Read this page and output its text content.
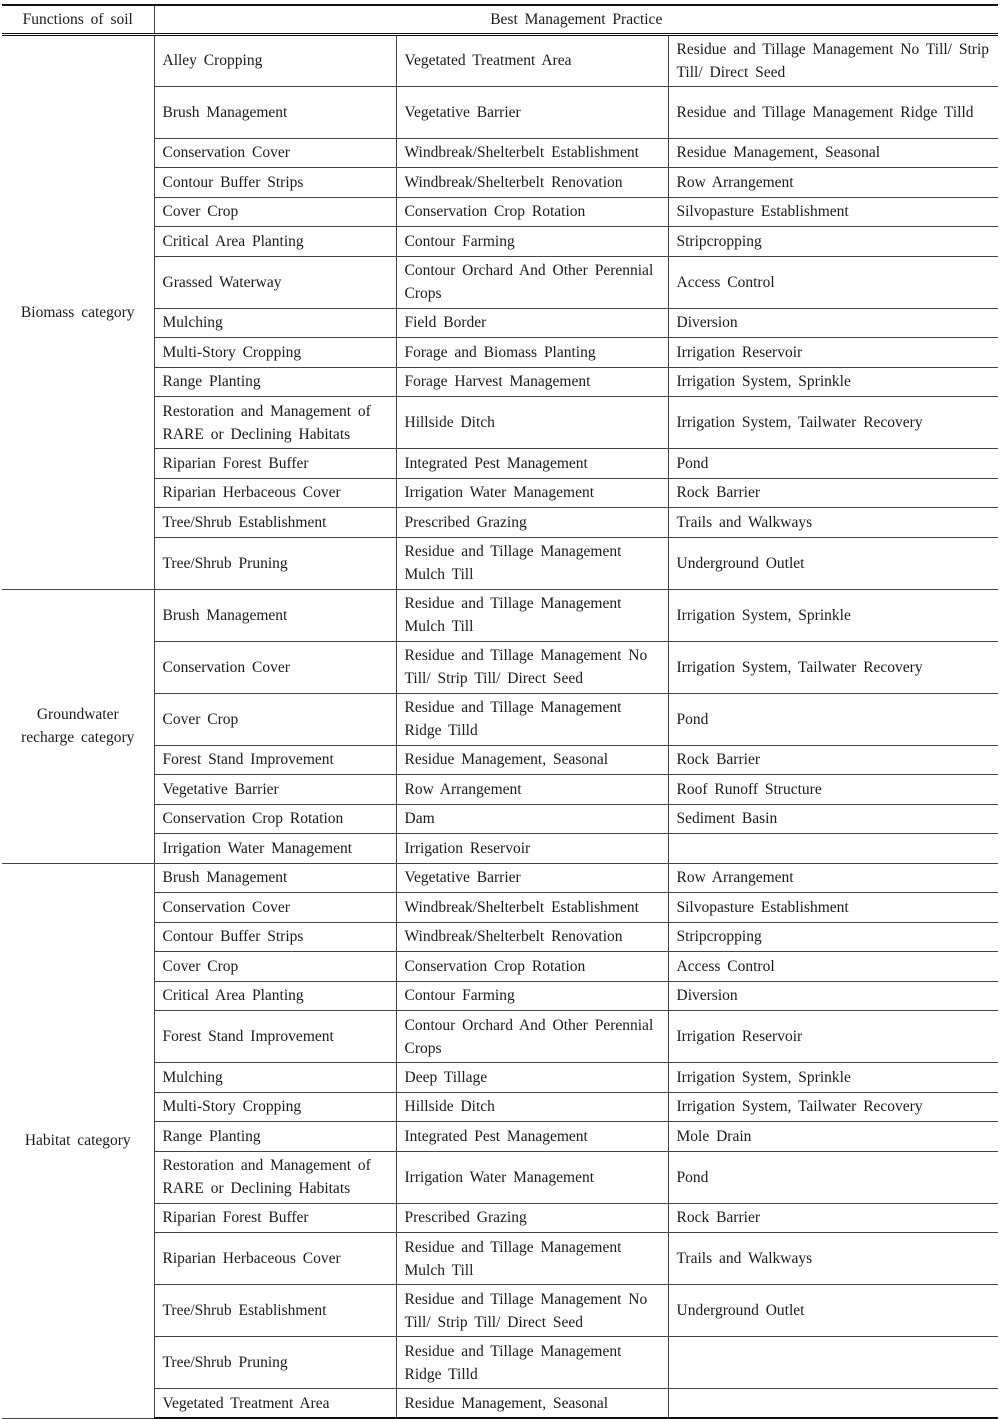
Functions of soil	Best Management Practice		
Biomass category	Alley Cropping	Vegetated Treatment Area	Residue and Tillage Management No Till/ Strip Till/ Direct Seed
	Brush Management	Vegetative Barrier	Residue and Tillage Management Ridge Tilld
	Conservation Cover	Windbreak/Shelterbelt Establishment	Residue Management, Seasonal
	Contour Buffer Strips	Windbreak/Shelterbelt Renovation	Row Arrangement
	Cover Crop	Conservation Crop Rotation	Silvopasture Establishment
	Critical Area Planting	Contour Farming	Stripcropping
	Grassed Waterway	Contour Orchard And Other Perennial Crops	Access Control
	Mulching	Field Border	Diversion
	Multi-Story Cropping	Forage and Biomass Planting	Irrigation Reservoir
	Range Planting	Forage Harvest Management	Irrigation System, Sprinkle
	Restoration and Management of RARE or Declining Habitats	Hillside Ditch	Irrigation System, Tailwater Recovery
	Riparian Forest Buffer	Integrated Pest Management	Pond
	Riparian Herbaceous Cover	Irrigation Water Management	Rock Barrier
	Tree/Shrub Establishment	Prescribed Grazing	Trails and Walkways
	Tree/Shrub Pruning	Residue and Tillage Management Mulch Till	Underground Outlet
Groundwater recharge category	Brush Management	Residue and Tillage Management Mulch Till	Irrigation System, Sprinkle
	Conservation Cover	Residue and Tillage Management No Till/ Strip Till/ Direct Seed	Irrigation System, Tailwater Recovery
	Cover Crop	Residue and Tillage Management Ridge Tilld	Pond
	Forest Stand Improvement	Residue Management, Seasonal	Rock Barrier
	Vegetative Barrier	Row Arrangement	Roof Runoff Structure
	Conservation Crop Rotation	Dam	Sediment Basin
	Irrigation Water Management	Irrigation Reservoir	
Habitat category	Brush Management	Vegetative Barrier	Row Arrangement
	Conservation Cover	Windbreak/Shelterbelt Establishment	Silvopasture Establishment
	Contour Buffer Strips	Windbreak/Shelterbelt Renovation	Stripcropping
	Cover Crop	Conservation Crop Rotation	Access Control
	Critical Area Planting	Contour Farming	Diversion
	Forest Stand Improvement	Contour Orchard And Other Perennial Crops	Irrigation Reservoir
	Mulching	Deep Tillage	Irrigation System, Sprinkle
	Multi-Story Cropping	Hillside Ditch	Irrigation System, Tailwater Recovery
	Range Planting	Integrated Pest Management	Mole Drain
	Restoration and Management of RARE or Declining Habitats	Irrigation Water Management	Pond
	Riparian Forest Buffer	Prescribed Grazing	Rock Barrier
	Riparian Herbaceous Cover	Residue and Tillage Management Mulch Till	Trails and Walkways
	Tree/Shrub Establishment	Residue and Tillage Management No Till/ Strip Till/ Direct Seed	Underground Outlet
	Tree/Shrub Pruning	Residue and Tillage Management Ridge Tilld	
	Vegetated Treatment Area	Residue Management, Seasonal	
